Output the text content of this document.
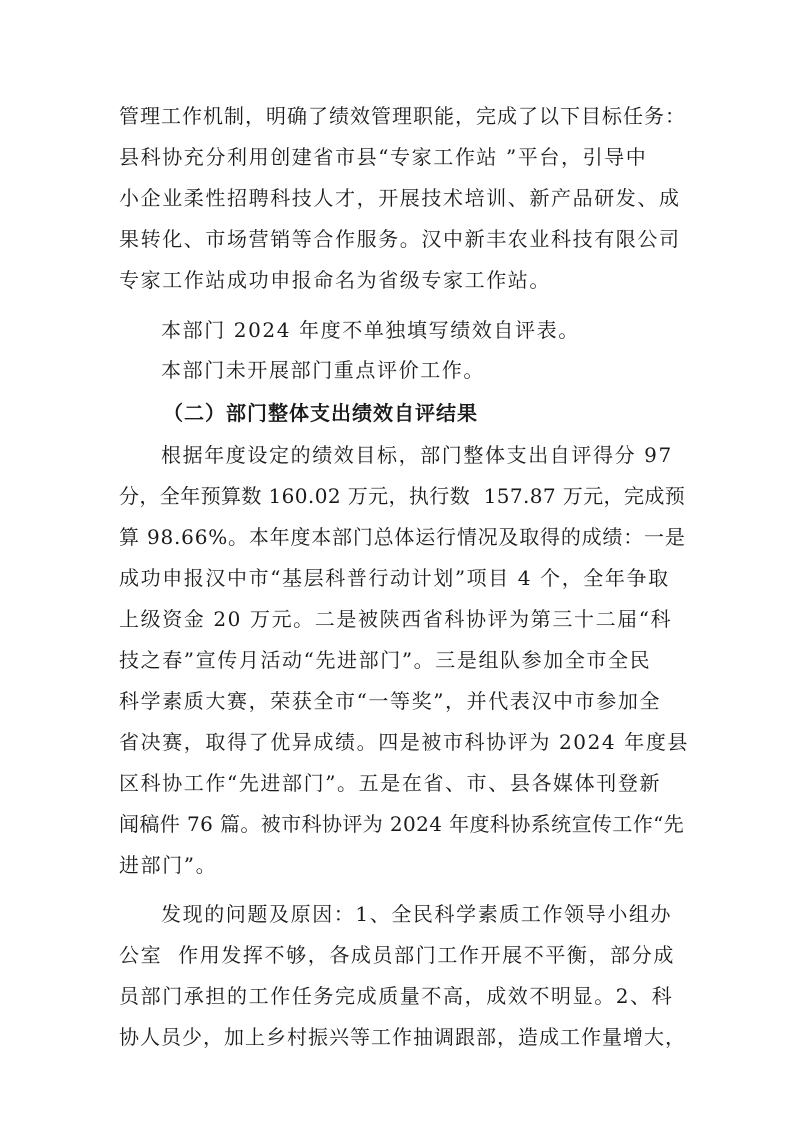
管理工作机制，明确了绩效管理职能，完成了以下目标任务：
县科协充分利用创建省市县“专家工作站 ”平台，引导中
小企业柔性招聘科技人才，开展技术培训、新产品研发、成
果转化、市场营销等合作服务。汉中新丰农业科技有限公司
专家工作站成功申报命名为省级专家工作站。
本部门 2024 年度不单独填写绩效自评表。
本部门未开展部门重点评价工作。
（二）部门整体支出绩效自评结果
根据年度设定的绩效目标，部门整体支出自评得分 97
分，全年预算数 160.02 万元，执行数  157.87 万元，完成预
算 98.66%。本年度本部门总体运行情况及取得的成绩：一是
成功申报汉中市“基层科普行动计划”项目 4 个，全年争取
上级资金 20 万元。二是被陕西省科协评为第三十二届“科
技之春”宣传月活动“先进部门”。三是组队参加全市全民
科学素质大赛，荣获全市“一等奖”，并代表汉中市参加全
省决赛，取得了优异成绩。四是被市科协评为 2024 年度县
区科协工作“先进部门”。五是在省、市、县各媒体刊登新
闻稿件 76 篇。被市科协评为 2024 年度科协系统宣传工作“先
进部门”。
发现的问题及原因：1、全民科学素质工作领导小组办
公室  作用发挥不够，各成员部门工作开展不平衡，部分成
员部门承担的工作任务完成质量不高，成效不明显。2、科
协人员少，加上乡村振兴等工作抽调跟部，造成工作量增大，
